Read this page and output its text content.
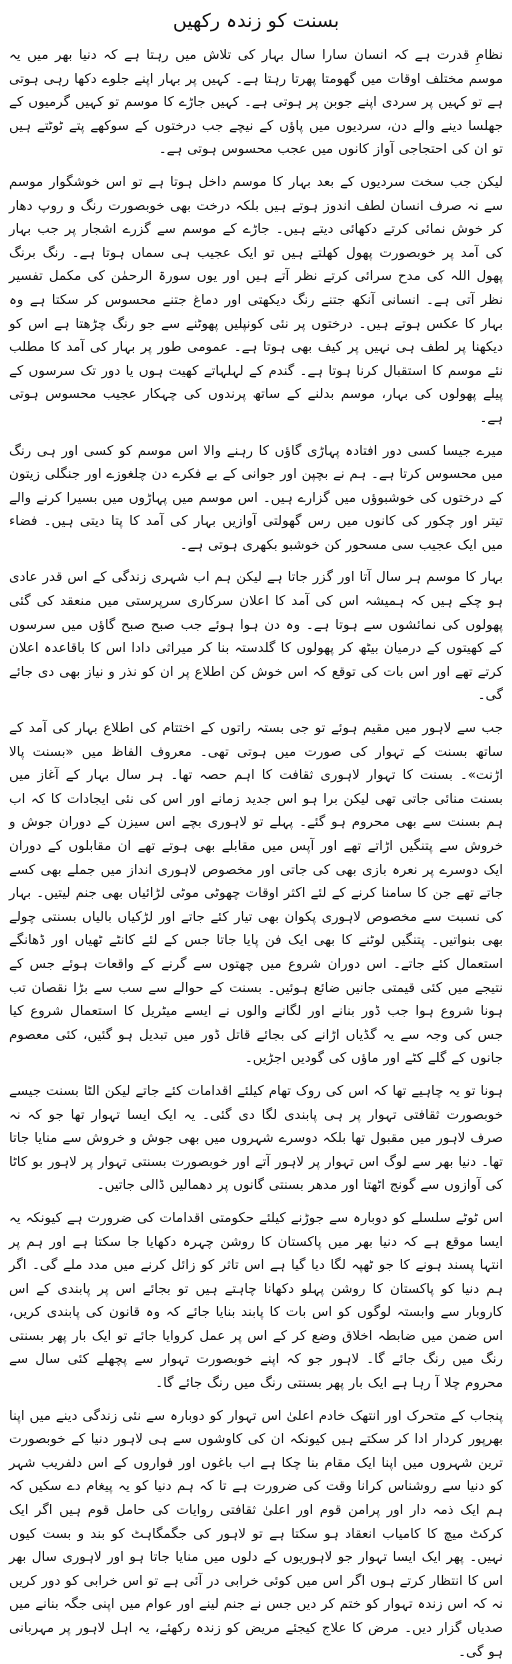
بسنت کو زندہ رکھیں

نظامِ قدرت ہے کہ انسان سارا سال بہار کی تلاش میں رہتا ہے کہ دنیا بھر میں یہ موسم مختلف اوقات میں گھومتا پھرتا رہتا ہے۔ کہیں پر بہار اپنے جلوے دکھا رہی ہوتی ہے تو کہیں پر سردی اپنے جوبن پر ہوتی ہے۔ کہیں جاڑے کا موسم تو کہیں گرمیوں کے جھلسا دینے والے دن، سردیوں میں پاؤں کے نیچے جب درختوں کے سوکھے پتے ٹوٹتے ہیں تو ان کی احتجاجی آواز کانوں میں عجب محسوس ہوتی ہے۔

لیکن جب سخت سردیوں کے بعد بہار کا موسم داخل ہوتا ہے تو اس خوشگوار موسم سے نہ صرف انسان لطف اندوز ہوتے ہیں بلکہ درخت بھی خوبصورت رنگ و روپ دھار کر خوش نمائی کرتے دکھائی دیتے ہیں۔ جاڑے کے موسم سے گزرے اشجار پر جب بہار کی آمد پر خوبصورت پھول کھلتے ہیں تو ایک عجیب ہی سماں ہوتا ہے۔ رنگ برنگ پھول اللہ کی مدح سرائی کرتے نظر آتے ہیں اور یوں سورۃ الرحمٰن کی مکمل تفسیر نظر آتی ہے۔ انسانی آنکھ جتنے رنگ دیکھتی اور دماغ جتنے محسوس کر سکتا ہے وہ بہار کا عکس ہوتے ہیں۔ درختوں پر نئی کونپلیں پھوٹنے سے جو رنگ چڑھتا ہے اس کو دیکھنا پر لطف ہی نہیں پر کیف بھی ہوتا ہے۔ عمومی طور پر بہار کی آمد کا مطلب نئے موسم کا استقبال کرنا ہوتا ہے۔ گندم کے لہلہاتے کھیت ہوں یا دور تک سرسوں کے پیلے پھولوں کی بہار، موسم بدلنے کے ساتھ پرندوں کی چہکار عجیب محسوس ہوتی ہے۔

میرے جیسا کسی دور افتادہ پہاڑی گاؤں کا رہنے والا اس موسم کو کسی اور ہی رنگ میں محسوس کرتا ہے۔ ہم نے بچپن اور جوانی کے بے فکرے دن چلغوزے اور جنگلی زیتون کے درختوں کی خوشبوؤں میں گزارے ہیں۔ اس موسم میں پہاڑوں میں بسیرا کرنے والے تیتر اور چکور کی کانوں میں رس گھولتی آوازیں بہار کی آمد کا پتا دیتی ہیں۔ فضاء میں ایک عجیب سی مسحور کن خوشبو بکھری ہوتی ہے۔

بہار کا موسم ہر سال آتا اور گزر جاتا ہے لیکن ہم اب شہری زندگی کے اس قدر عادی ہو چکے ہیں کہ ہمیشہ اس کی آمد کا اعلان سرکاری سرپرستی میں منعقد کی گئی پھولوں کی نمائشوں سے ہوتا ہے۔ وہ دن ہوا ہوئے جب صبح صبح گاؤں میں سرسوں کے کھیتوں کے درمیان بیٹھ کر پھولوں کا گلدستہ بنا کر میراثی دادا اس کا باقاعدہ اعلان کرتے تھے اور اس بات کی توقع کہ اس خوش کن اطلاع پر ان کو نذر و نیاز بھی دی جائے گی۔

جب سے لاہور میں مقیم ہوئے تو جی بستہ راتوں کے اختتام کی اطلاع بہار کی آمد کے ساتھ بسنت کے تہوار کی صورت میں ہوتی تھی۔ معروف الفاظ میں «بسنت پالا اڑنت»۔ بسنت کا تہوار لاہوری ثقافت کا اہم حصہ تھا۔ ہر سال بہار کے آغاز میں بسنت منائی جاتی تھی لیکن برا ہو اس جدید زمانے اور اس کی نئی ایجادات کا کہ اب ہم بسنت سے بھی محروم ہو گئے۔ پہلے تو لاہوری بچے اس سیزن کے دوران جوش و خروش سے پتنگیں اڑاتے تھے اور آپس میں مقابلے بھی ہوتے تھے ان مقابلوں کے دوران ایک دوسرے پر نعرہ بازی بھی کی جاتی اور مخصوص لاہوری انداز میں جملے بھی کسے جاتے تھے جن کا سامنا کرنے کے لئے اکثر اوقات چھوٹی موٹی لڑائیاں بھی جنم لیتیں۔ بہار کی نسبت سے مخصوص لاہوری پکوان بھی تیار کئے جاتے اور لڑکیاں بالیاں بسنتی چولے بھی بنواتیں۔ پتنگیں لوٹنے کا بھی ایک فن پایا جاتا جس کے لئے کانٹے ٹھیاں اور ڈھانگے استعمال کئے جاتے۔ اس دوران شروع میں چھتوں سے گرنے کے واقعات ہوئے جس کے نتیجے میں کئی قیمتی جانیں ضائع ہوئیں۔ بسنت کے حوالے سے سب سے بڑا نقصان تب ہونا شروع ہوا جب ڈور بنانے اور لگانے والوں نے ایسے میٹریل کا استعمال شروع کیا جس کی وجہ سے یہ گڈیاں اڑانے کی بجائے قاتل ڈور میں تبدیل ہو گئیں، کئی معصوم جانوں کے گلے کٹے اور ماؤں کی گودیں اجڑیں۔

ہونا تو یہ چاہیے تھا کہ اس کی روک تھام کیلئے اقدامات کئے جاتے لیکن الٹا بسنت جیسے خوبصورت ثقافتی تہوار پر ہی پابندی لگا دی گئی۔ یہ ایک ایسا تہوار تھا جو کہ نہ صرف لاہور میں مقبول تھا بلکہ دوسرے شہروں میں بھی جوش و خروش سے منایا جاتا تھا۔ دنیا بھر سے لوگ اس تہوار پر لاہور آتے اور خوبصورت بسنتی تہوار پر لاہور بو کاٹا کی آوازوں سے گونج اٹھتا اور مدھر بسنتی گانوں پر دھمالیں ڈالی جاتیں۔

اس ٹوٹے سلسلے کو دوبارہ سے جوڑنے کیلئے حکومتی اقدامات کی ضرورت ہے کیونکہ یہ ایسا موقع ہے کہ دنیا بھر میں پاکستان کا روشن چہرہ دکھایا جا سکتا ہے اور ہم پر انتہا پسند ہونے کا جو ٹھپہ لگا دیا گیا ہے اس تاثر کو زائل کرنے میں مدد ملے گی۔ اگر ہم دنیا کو پاکستان کا روشن پہلو دکھانا چاہتے ہیں تو بجائے اس پر پابندی کے اس کاروبار سے وابستہ لوگوں کو اس بات کا پابند بنایا جائے کہ وہ قانون کی پابندی کریں، اس ضمن میں ضابطہ اخلاق وضع کر کے اس پر عمل کروایا جائے تو ایک بار پھر بسنتی رنگ میں رنگ جائے گا۔ لاہور جو کہ اپنے خوبصورت تہوار سے پچھلے کئی سال سے محروم چلا آ رہا ہے ایک بار پھر بسنتی رنگ میں رنگ جائے گا۔

پنجاب کے متحرک اور انتھک خادم اعلیٰ اس تہوار کو دوبارہ سے نئی زندگی دینے میں اپنا بھرپور کردار ادا کر سکتے ہیں کیونکہ ان کی کاوشوں سے ہی لاہور دنیا کے خوبصورت ترین شہروں میں اپنا ایک مقام بنا چکا ہے اب باغوں اور فواروں کے اس دلفریب شہر کو دنیا سے روشناس کرانا وقت کی ضرورت ہے تا کہ ہم دنیا کو یہ پیغام دے سکیں کہ ہم ایک ذمہ دار اور پرامن قوم اور اعلیٰ ثقافتی روایات کی حامل قوم ہیں اگر ایک کرکٹ میچ کا کامیاب انعقاد ہو سکتا ہے تو لاہور کی جگمگاہٹ کو بند و بست کیوں نہیں۔ پھر ایک ایسا تہوار جو لاہوریوں کے دلوں میں منایا جاتا ہو اور لاہوری سال بھر اس کا انتظار کرتے ہوں اگر اس میں کوئی خرابی در آئی ہے تو اس خرابی کو دور کریں نہ کہ اس زندہ تہوار کو ختم کر دیں جس نے جنم لینے اور عوام میں اپنی جگہ بنانے میں صدیاں گزار دیں۔ مرض کا علاج کیجئے مریض کو زندہ رکھئے، یہ اہل لاہور پر مہربانی ہو گی۔
